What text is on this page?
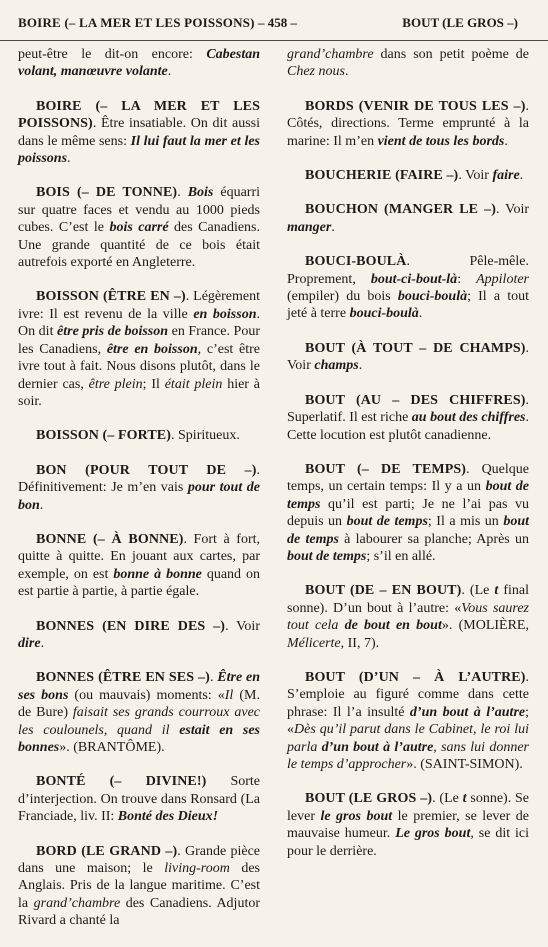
BOIRE (– LA MER ET LES POISSONS) – 458 –	BOUT (LE GROS –)

peut-être le dit-on encore: Cabestan volant, manœuvre volante.

BOIRE (– LA MER ET LES POISSONS). Être insatiable. On dit aussi dans le même sens: Il lui faut la mer et les poissons.

BOIS (– DE TONNE). Bois équarri sur quatre faces et vendu au 1000 pieds cubes. C’est le bois carré des Canadiens. Une grande quantité de ce bois était autrefois exporté en Angleterre.

BOISSON (ÊTRE EN –). Légèrement ivre: Il est revenu de la ville en boisson. On dit être pris de boisson en France. Pour les Canadiens, être en boisson, c’est être ivre tout à fait. Nous disons plutôt, dans le dernier cas, être plein; Il était plein hier à soir.

BOISSON (– FORTE). Spiritueux.

BON (POUR TOUT DE –). Définitivement: Je m’en vais pour tout de bon.

BONNE (– À BONNE). Fort à fort, quitte à quitte. En jouant aux cartes, par exemple, on est bonne à bonne quand on est partie à partie, à partie égale.

BONNES (EN DIRE DES –). Voir dire.

BONNES (ÊTRE EN SES –). Être en ses bons (ou mauvais) moments: «Il (M. de Bure) faisait ses grands courroux avec les coulounels, quand il estait en ses bonnes». (BRANTÔME).

BONTÉ (– DIVINE!) Sorte d’interjection. On trouve dans Ronsard (La Franciade, liv. II: Bonté des Dieux!

BORD (LE GRAND –). Grande pièce dans une maison; le living-room des Anglais. Pris de la langue maritime. C’est la grand’chambre des Canadiens. Adjutor Rivard a chanté la

grand’chambre dans son petit poème de Chez nous.

BORDS (VENIR DE TOUS LES –). Côtés, directions. Terme emprunté à la marine: Il m’en vient de tous les bords.

BOUCHERIE (FAIRE –). Voir faire.

BOUCHON (MANGER LE –). Voir manger.

BOUCI-BOULÀ. Pêle-mêle. Proprement, bout-ci-bout-là: Appiloter (empiler) du bois bouci-boulà; Il a tout jeté à terre bouci-boulà.

BOUT (À TOUT – DE CHAMPS). Voir champs.

BOUT (AU – DES CHIFFRES). Superlatif. Il est riche au bout des chiffres. Cette locution est plutôt canadienne.

BOUT (– DE TEMPS). Quelque temps, un certain temps: Il y a un bout de temps qu’il est parti; Je ne l’ai pas vu depuis un bout de temps; Il a mis un bout de temps à labourer sa planche; Après un bout de temps; s’il en allé.

BOUT (DE – EN BOUT). (Le t final sonne). D’un bout à l’autre: «Vous saurez tout cela de bout en bout». (MOLIÈRE, Mélicerte, II, 7).

BOUT (D’UN – À L’AUTRE). S’emploie au figuré comme dans cette phrase: Il l’a insulté d’un bout à l’autre; «Dès qu’il parut dans le Cabinet, le roi lui parla d’un bout à l’autre, sans lui donner le temps d’approcher». (SAINT-SIMON).

BOUT (LE GROS –). (Le t sonne). Se lever le gros bout le premier, se lever de mauvaise humeur. Le gros bout, se dit ici pour le derrière.
